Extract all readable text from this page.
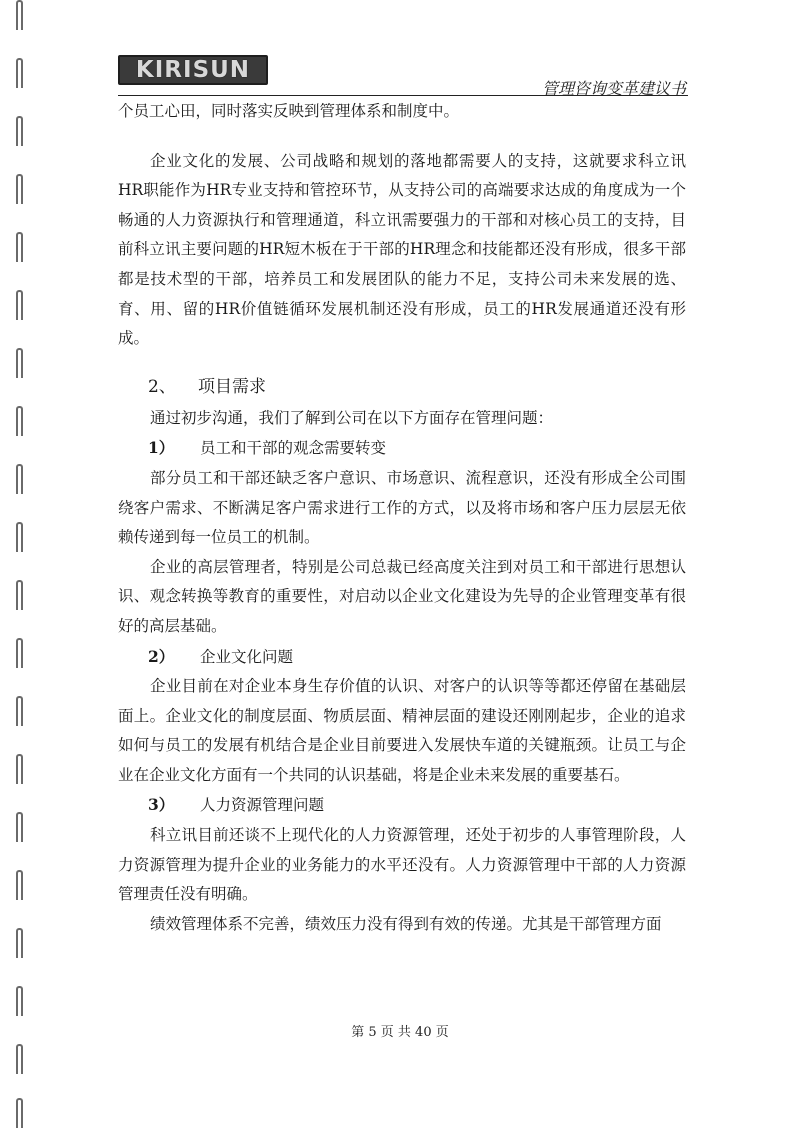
KIRISUN
管理咨询变革建议书

个员工心田，同时落实反映到管理体系和制度中。

企业文化的发展、公司战略和规划的落地都需要人的支持，这就要求科立讯HR职能作为HR专业支持和管控环节，从支持公司的高端要求达成的角度成为一个畅通的人力资源执行和管理通道，科立讯需要强力的干部和对核心员工的支持，目前科立讯主要问题的HR短木板在于干部的HR理念和技能都还没有形成，很多干部都是技术型的干部，培养员工和发展团队的能力不足，支持公司未来发展的选、育、用、留的HR价值链循环发展机制还没有形成，员工的HR发展通道还没有形成。

2、 项目需求

通过初步沟通，我们了解到公司在以下方面存在管理问题：

1） 员工和干部的观念需要转变

部分员工和干部还缺乏客户意识、市场意识、流程意识，还没有形成全公司围绕客户需求、不断满足客户需求进行工作的方式，以及将市场和客户压力层层无依赖传递到每一位员工的机制。

企业的高层管理者，特别是公司总裁已经高度关注到对员工和干部进行思想认识、观念转换等教育的重要性，对启动以企业文化建设为先导的企业管理变革有很好的高层基础。

2） 企业文化问题

企业目前在对企业本身生存价值的认识、对客户的认识等等都还停留在基础层面上。企业文化的制度层面、物质层面、精神层面的建设还刚刚起步，企业的追求如何与员工的发展有机结合是企业目前要进入发展快车道的关键瓶颈。让员工与企业在企业文化方面有一个共同的认识基础，将是企业未来发展的重要基石。

3） 人力资源管理问题

科立讯目前还谈不上现代化的人力资源管理，还处于初步的人事管理阶段，人力资源管理为提升企业的业务能力的水平还没有。人力资源管理中干部的人力资源管理责任没有明确。

绩效管理体系不完善，绩效压力没有得到有效的传递。尤其是干部管理方面

第 5 页 共 40 页
